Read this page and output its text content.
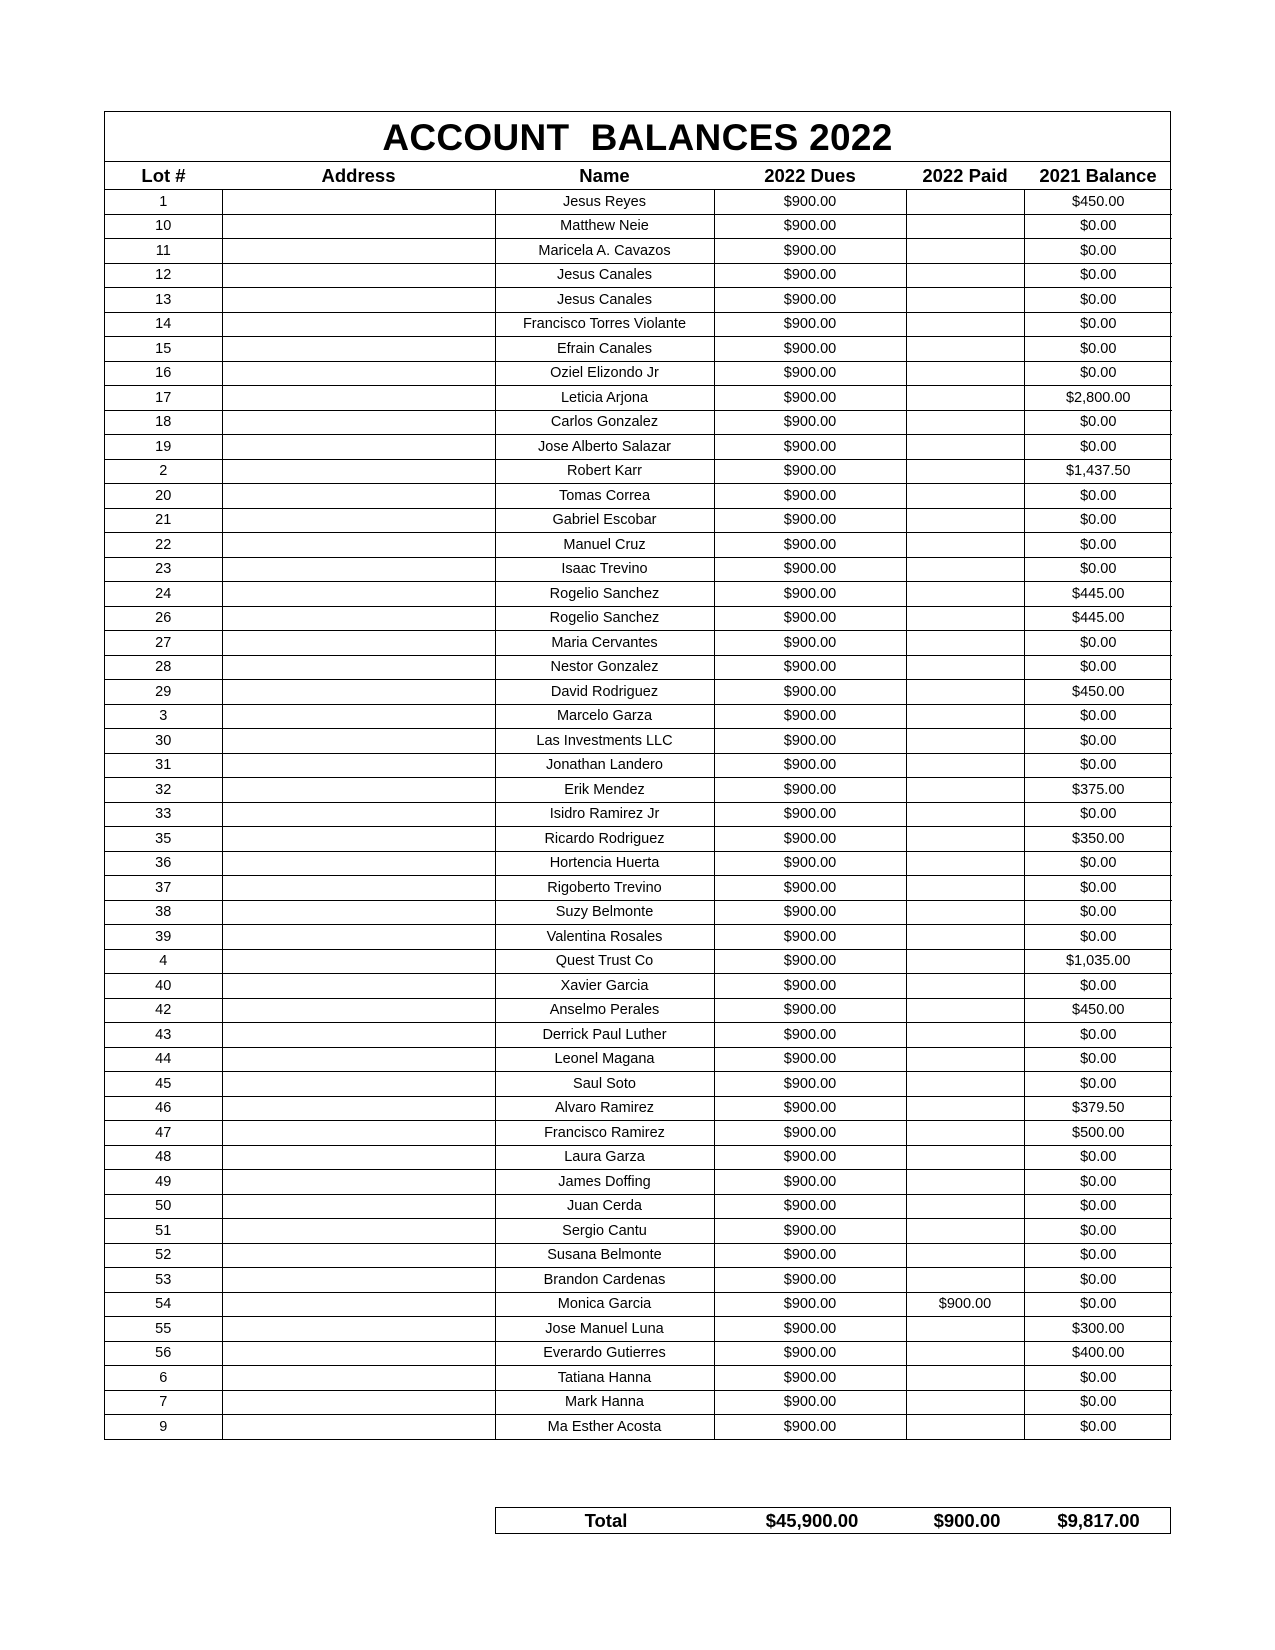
ACCOUNT  BALANCES 2022
Lot #	Address	Name	2022 Dues	2022 Paid	2021 Balance
1		Jesus Reyes	$900.00		$450.00
10		Matthew Neie	$900.00		$0.00
11		Maricela A. Cavazos	$900.00		$0.00
12		Jesus Canales	$900.00		$0.00
13		Jesus Canales	$900.00		$0.00
14		Francisco Torres Violante	$900.00		$0.00
15		Efrain Canales	$900.00		$0.00
16		Oziel Elizondo Jr	$900.00		$0.00
17		Leticia Arjona	$900.00		$2,800.00
18		Carlos Gonzalez	$900.00		$0.00
19		Jose Alberto Salazar	$900.00		$0.00
2		Robert Karr	$900.00		$1,437.50
20		Tomas Correa	$900.00		$0.00
21		Gabriel Escobar	$900.00		$0.00
22		Manuel Cruz	$900.00		$0.00
23		Isaac Trevino	$900.00		$0.00
24		Rogelio Sanchez	$900.00		$445.00
26		Rogelio Sanchez	$900.00		$445.00
27		Maria Cervantes	$900.00		$0.00
28		Nestor Gonzalez	$900.00		$0.00
29		David Rodriguez	$900.00		$450.00
3		Marcelo Garza	$900.00		$0.00
30		Las Investments LLC	$900.00		$0.00
31		Jonathan Landero	$900.00		$0.00
32		Erik Mendez	$900.00		$375.00
33		Isidro Ramirez Jr	$900.00		$0.00
35		Ricardo Rodriguez	$900.00		$350.00
36		Hortencia Huerta	$900.00		$0.00
37		Rigoberto Trevino	$900.00		$0.00
38		Suzy Belmonte	$900.00		$0.00
39		Valentina Rosales	$900.00		$0.00
4		Quest Trust Co	$900.00		$1,035.00
40		Xavier Garcia	$900.00		$0.00
42		Anselmo Perales	$900.00		$450.00
43		Derrick Paul Luther	$900.00		$0.00
44		Leonel Magana	$900.00		$0.00
45		Saul Soto	$900.00		$0.00
46		Alvaro Ramirez	$900.00		$379.50
47		Francisco Ramirez	$900.00		$500.00
48		Laura Garza	$900.00		$0.00
49		James Doffing	$900.00		$0.00
50		Juan Cerda	$900.00		$0.00
51		Sergio Cantu	$900.00		$0.00
52		Susana Belmonte	$900.00		$0.00
53		Brandon Cardenas	$900.00		$0.00
54		Monica Garcia	$900.00	$900.00	$0.00
55		Jose Manuel Luna	$900.00		$300.00
56		Everardo Gutierres	$900.00		$400.00
6		Tatiana Hanna	$900.00		$0.00
7		Mark Hanna	$900.00		$0.00
9		Ma Esther Acosta	$900.00		$0.00
Total	$45,900.00	$900.00	$9,817.00
